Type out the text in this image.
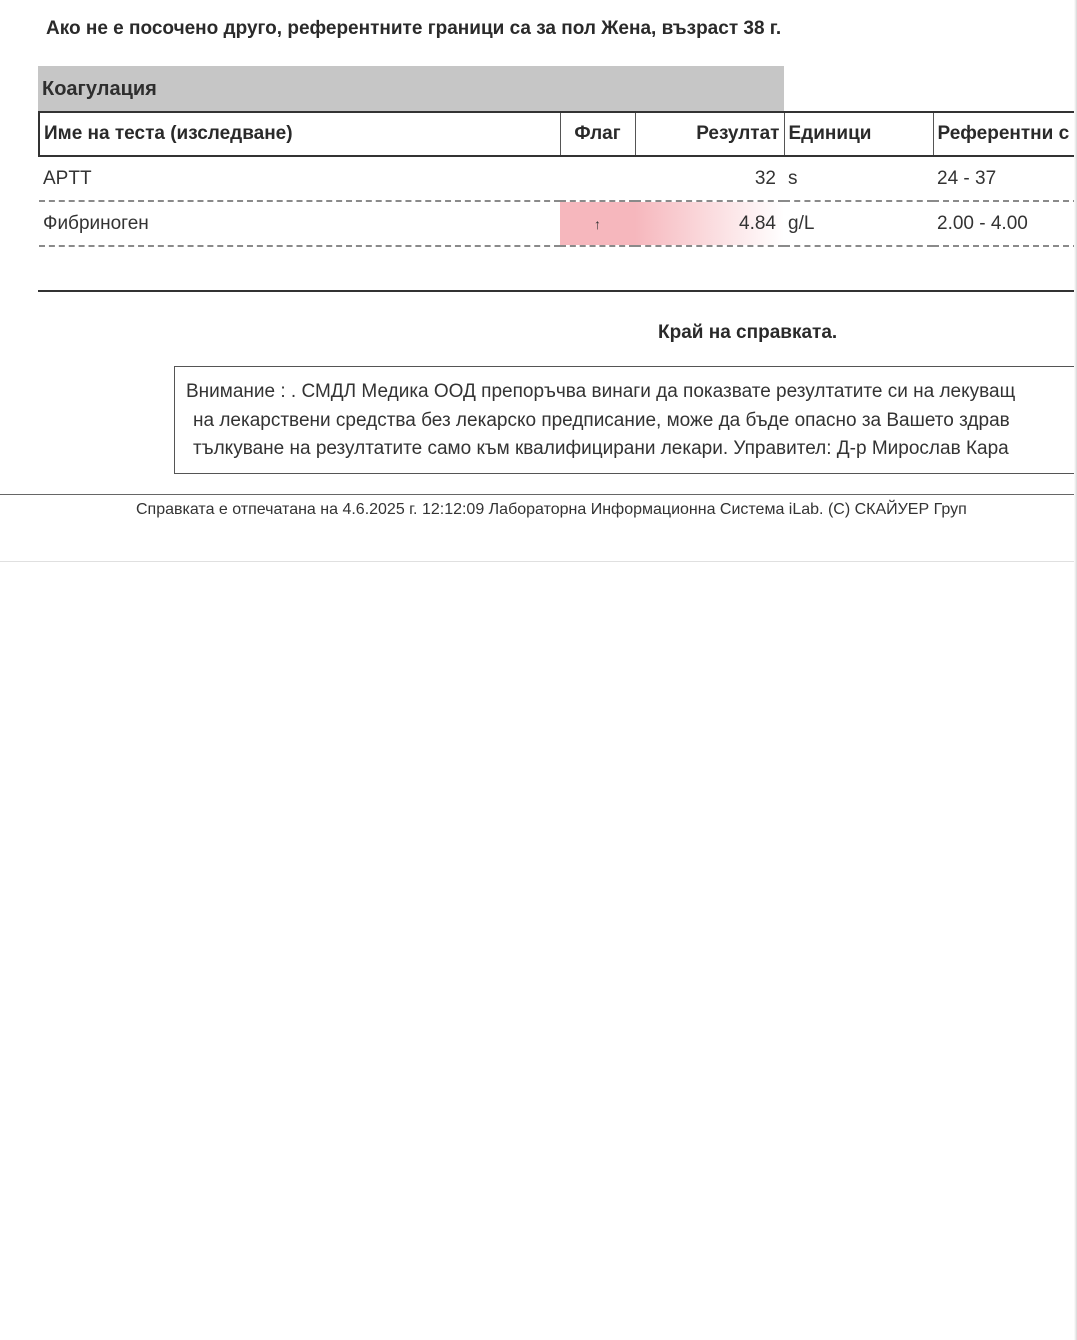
Ако не е посочено друго, референтните граници са за пол Жена, възраст 38 г.
Коагулация
Име на теста (изследване)	Флаг	Резултат	Единици	Референтни с
APTT		32	s	24 - 37
Фибриноген	↑	4.84	g/L	2.00 - 4.00
Край на справката.
Внимание : . СМДЛ Медика ООД препоръчва винаги да показвате резултатите си на лекуващ
на лекарствени средства без лекарско предписание, може да бъде опасно за Вашето здрав
тълкуване на резултатите само към квалифицирани лекари. Управител: Д-р Мирослав Кара
Справката е отпечатана на 4.6.2025 г. 12:12:09 Лабораторна Информационна Система iLab. (C) СКАЙУЕР Груп
